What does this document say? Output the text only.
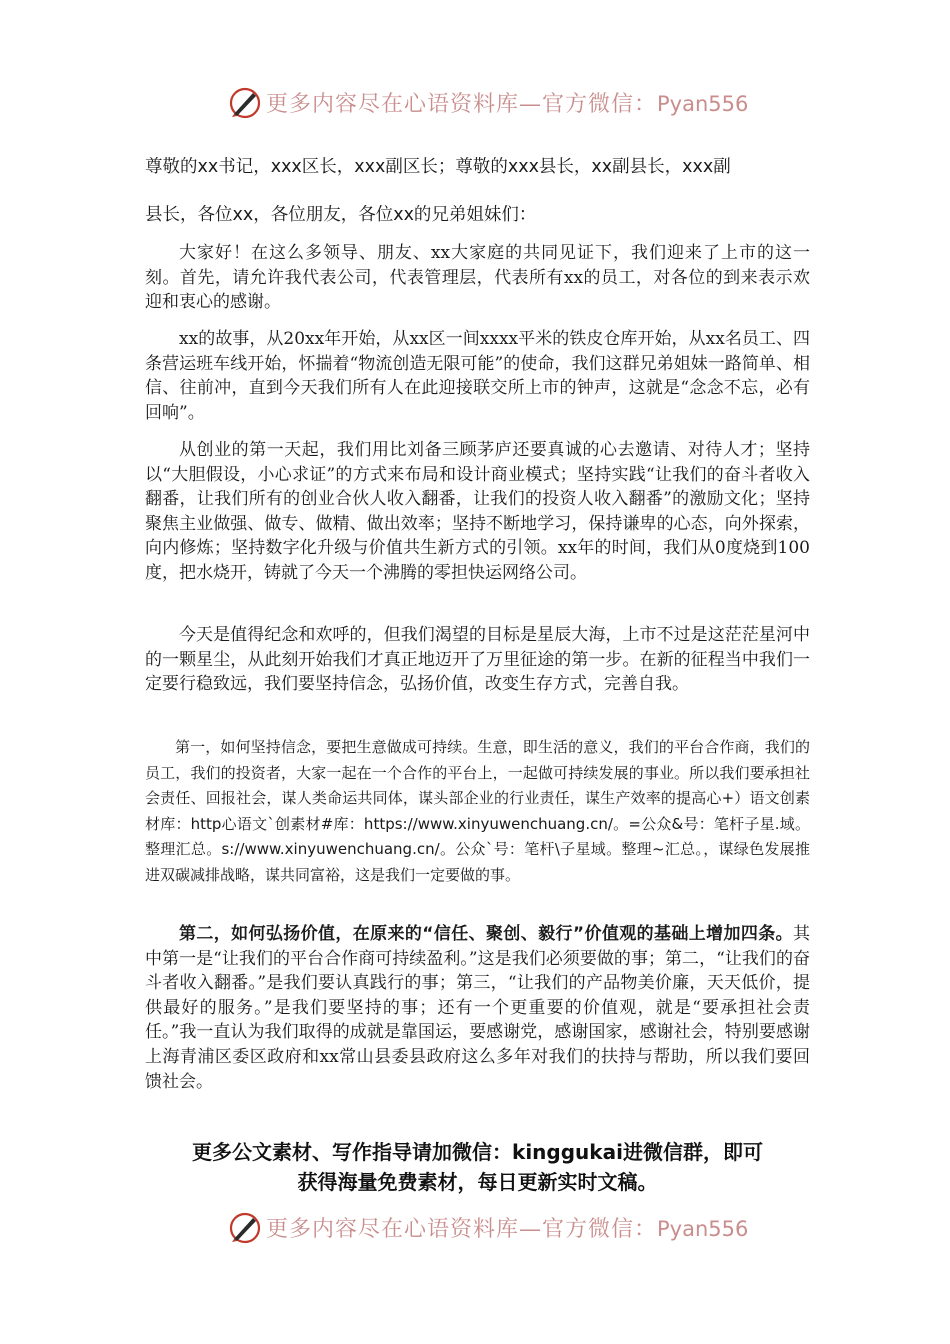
更多内容尽在心语资料库—官方微信：Pyan556
尊敬的xx书记，xxx区长，xxx副区长；尊敬的xxx县长，xx副县长，xxx副
县长，各位xx，各位朋友，各位xx的兄弟姐妹们：

大家好！在这么多领导、朋友、xx大家庭的共同见证下，我们迎来了上市的这一刻。首先，请允许我代表公司，代表管理层，代表所有xx的员工，对各位的到来表示欢迎和衷心的感谢。

xx的故事，从20xx年开始，从xx区一间xxxx平米的铁皮仓库开始，从xx名员工、四条营运班车线开始，怀揣着“物流创造无限可能”的使命，我们这群兄弟姐妹一路简单、相信、往前冲，直到今天我们所有人在此迎接联交所上市的钟声，这就是“念念不忘，必有回响”。

从创业的第一天起，我们用比刘备三顾茅庐还要真诚的心去邀请、对待人才；坚持以“大胆假设，小心求证”的方式来布局和设计商业模式；坚持实践“让我们的奋斗者收入翻番，让我们所有的创业合伙人收入翻番，让我们的投资人收入翻番”的激励文化；坚持聚焦主业做强、做专、做精、做出效率；坚持不断地学习，保持谦卑的心态，向外探索，向内修炼；坚持数字化升级与价值共生新方式的引领。xx年的时间，我们从0度烧到100度，把水烧开，铸就了今天一个沸腾的零担快运网络公司。

今天是值得纪念和欢呼的，但我们渴望的目标是星辰大海，上市不过是这茫茫星河中的一颗星尘，从此刻开始我们才真正地迈开了万里征途的第一步。在新的征程当中我们一定要行稳致远，我们要坚持信念，弘扬价值，改变生存方式，完善自我。

第一，如何坚持信念，要把生意做成可持续。生意，即生活的意义，我们的平台合作商，我们的员工，我们的投资者，大家一起在一个合作的平台上，一起做可持续发展的事业。所以我们要承担社会责任、回报社会，谋人类命运共同体，谋头部企业的行业责任，谋生产效率的提高心+）语文创素材库：http心语文`创素材#库：https://www.xinyuwenchuang.cn/。=公众&号：笔杆子星.域。整理汇总。s://www.xinyuwenchuang.cn/。公众`号：笔杆\子星域。整理~汇总。，谋绿色发展推进双碳减排战略，谋共同富裕，这是我们一定要做的事。

第二，如何弘扬价值，在原来的“信任、聚创、毅行”价值观的基础上增加四条。其中第一是“让我们的平台合作商可持续盈利。”这是我们必须要做的事；第二，“让我们的奋斗者收入翻番。”是我们要认真践行的事；第三，“让我们的产品物美价廉，天天低价，提供最好的服务。”是我们要坚持的事；还有一个更重要的价值观，就是“要承担社会责任。”我一直认为我们取得的成就是靠国运，要感谢党，感谢国家，感谢社会，特别要感谢上海青浦区委区政府和xx常山县委县政府这么多年对我们的扶持与帮助，所以我们要回馈社会。

更多公文素材、写作指导请加微信：kinggukai进微信群，即可
获得海量免费素材，每日更新实时文稿。
更多内容尽在心语资料库—官方微信：Pyan556
